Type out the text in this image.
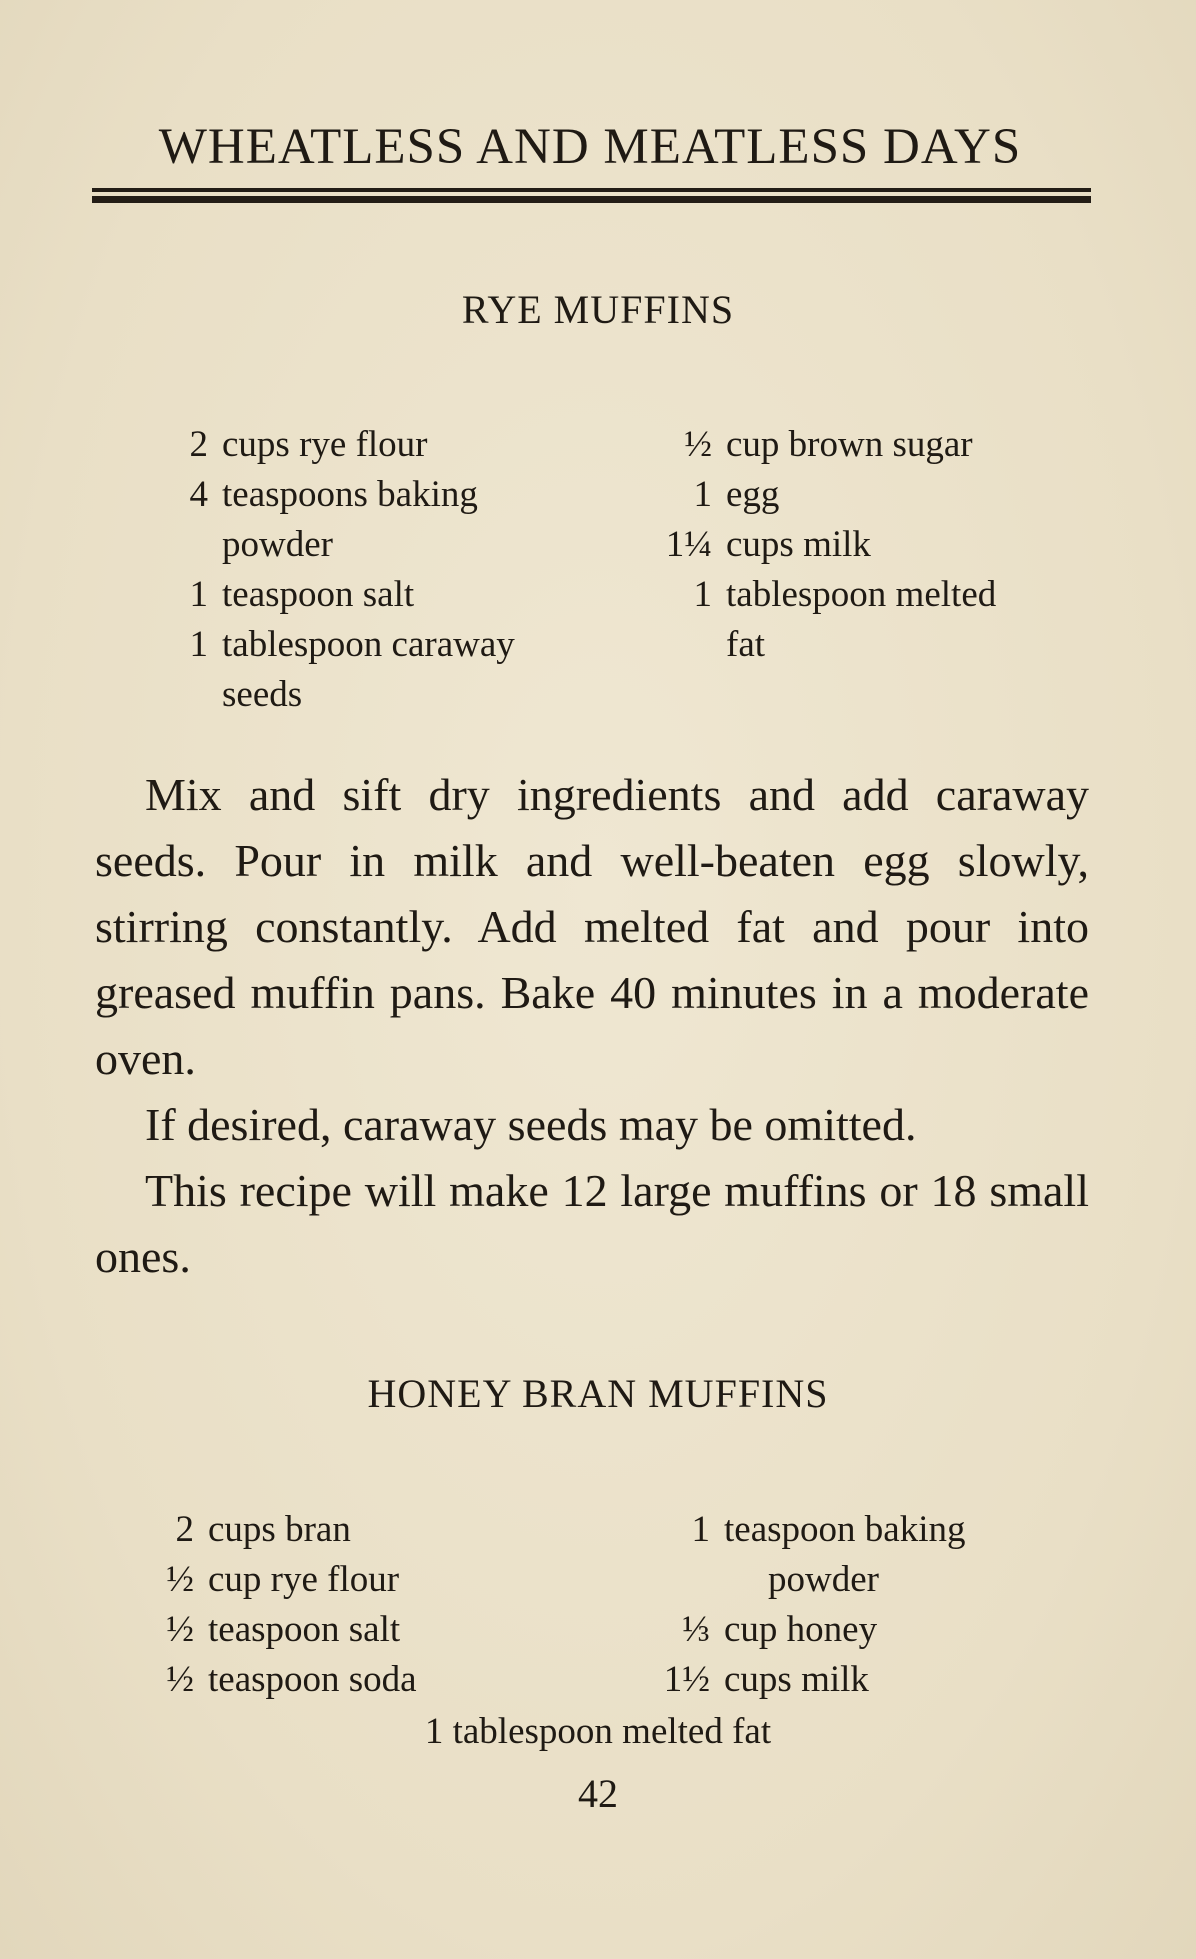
WHEATLESS AND MEATLESS DAYS
RYE MUFFINS
2 cups rye flour
4 teaspoons baking
powder
1 teaspoon salt
1 tablespoon caraway
seeds
½ cup brown sugar
1 egg
1¼ cups milk
1 tablespoon melted
fat

Mix and sift dry ingredients and add caraway seeds. Pour in milk and well-beaten egg slowly, stirring constantly. Add melted fat and pour into greased muffin pans. Bake 40 minutes in a moderate oven.

If desired, caraway seeds may be omitted.

This recipe will make 12 large muffins or 18 small ones.

HONEY BRAN MUFFINS
2 cups bran
½ cup rye flour
½ teaspoon salt
½ teaspoon soda
1 teaspoon baking
powder
⅓ cup honey
1½ cups milk
1 tablespoon melted fat
42
